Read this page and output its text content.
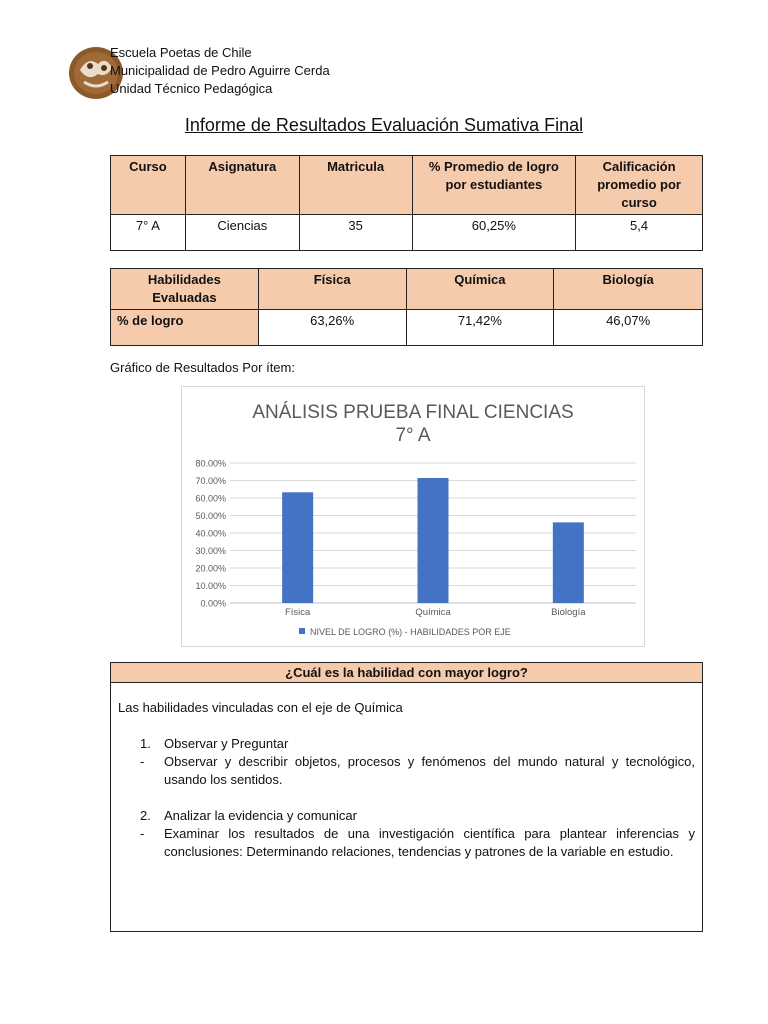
Escuela Poetas de Chile
Municipalidad de Pedro Aguirre Cerda
Unidad Técnico Pedagógica
Informe de Resultados Evaluación Sumativa Final
Curso	Asignatura	Matricula	% Promedio de logro por estudiantes	Calificación promedio por curso
7° A	Ciencias	35	60,25%	5,4
Habilidades Evaluadas	Física	Química	Biología
% de logro	63,26%	71,42%	46,07%
Gráfico de Resultados Por ítem:
ANÁLISIS PRUEBA FINAL CIENCIAS
7° A
0.00%
10.00%
20.00%
30.00%
40.00%
50.00%
60.00%
70.00%
80.00%
Física	Química	Biología
NIVEL DE LOGRO (%) - HABILIDADES POR EJE
¿Cuál es la habilidad con mayor logro?
Las habilidades vinculadas con el eje de Química
1.	Observar y Preguntar
-	Observar y describir objetos, procesos y fenómenos del mundo natural y tecnológico, usando los sentidos.
2.	Analizar la evidencia y comunicar
-	Examinar los resultados de una investigación científica para plantear inferencias y conclusiones: Determinando relaciones, tendencias y patrones de la variable en estudio.
